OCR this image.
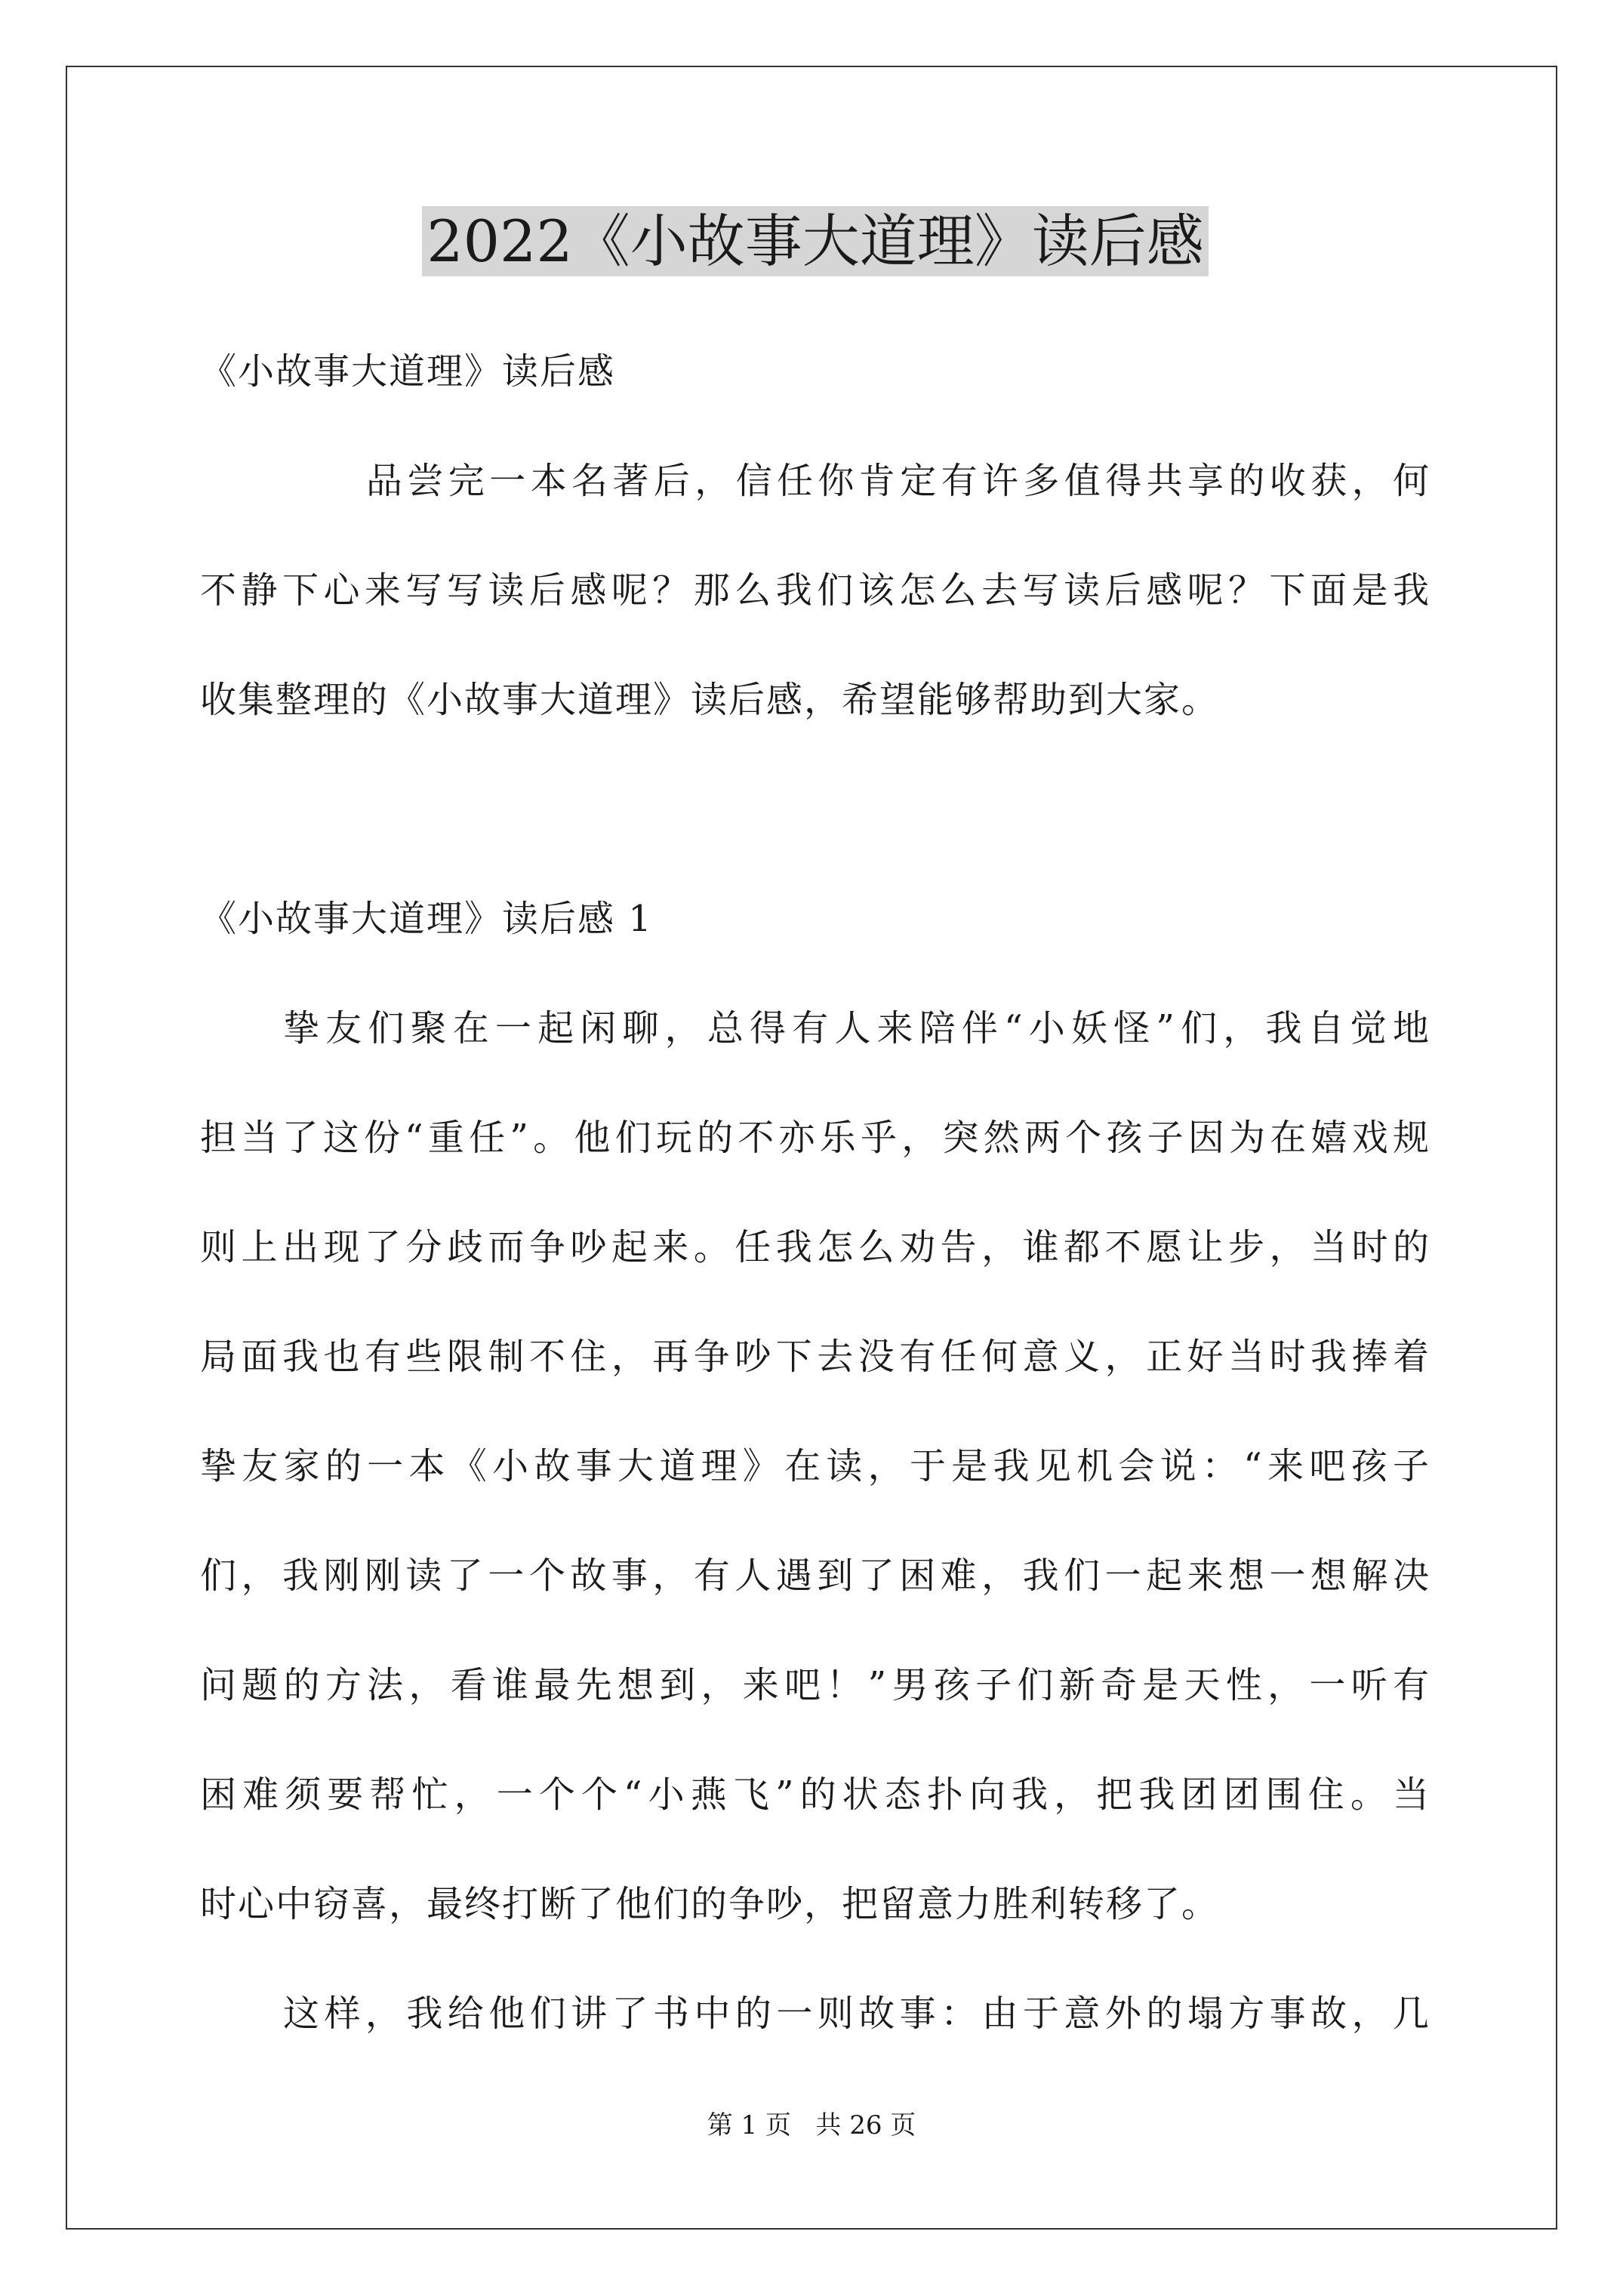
2022《小故事大道理》读后感

《小故事大道理》读后感

品尝完一本名著后，信任你肯定有许多值得共享的收获，何

不静下心来写写读后感呢？那么我们该怎么去写读后感呢？下面是我

收集整理的《小故事大道理》读后感，希望能够帮助到大家。

《小故事大道理》读后感 1

挚友们聚在一起闲聊，总得有人来陪伴“小妖怪”们，我自觉地

担当了这份“重任”。他们玩的不亦乐乎，突然两个孩子因为在嬉戏规

则上出现了分歧而争吵起来。任我怎么劝告，谁都不愿让步，当时的

局面我也有些限制不住，再争吵下去没有任何意义，正好当时我捧着

挚友家的一本《小故事大道理》在读，于是我见机会说：“来吧孩子

们，我刚刚读了一个故事，有人遇到了困难，我们一起来想一想解决

问题的方法，看谁最先想到，来吧！”男孩子们新奇是天性，一听有

困难须要帮忙，一个个“小燕飞”的状态扑向我，把我团团围住。当

时心中窃喜，最终打断了他们的争吵，把留意力胜利转移了。

这样，我给他们讲了书中的一则故事：由于意外的塌方事故，几

第 1 页 共 26 页
